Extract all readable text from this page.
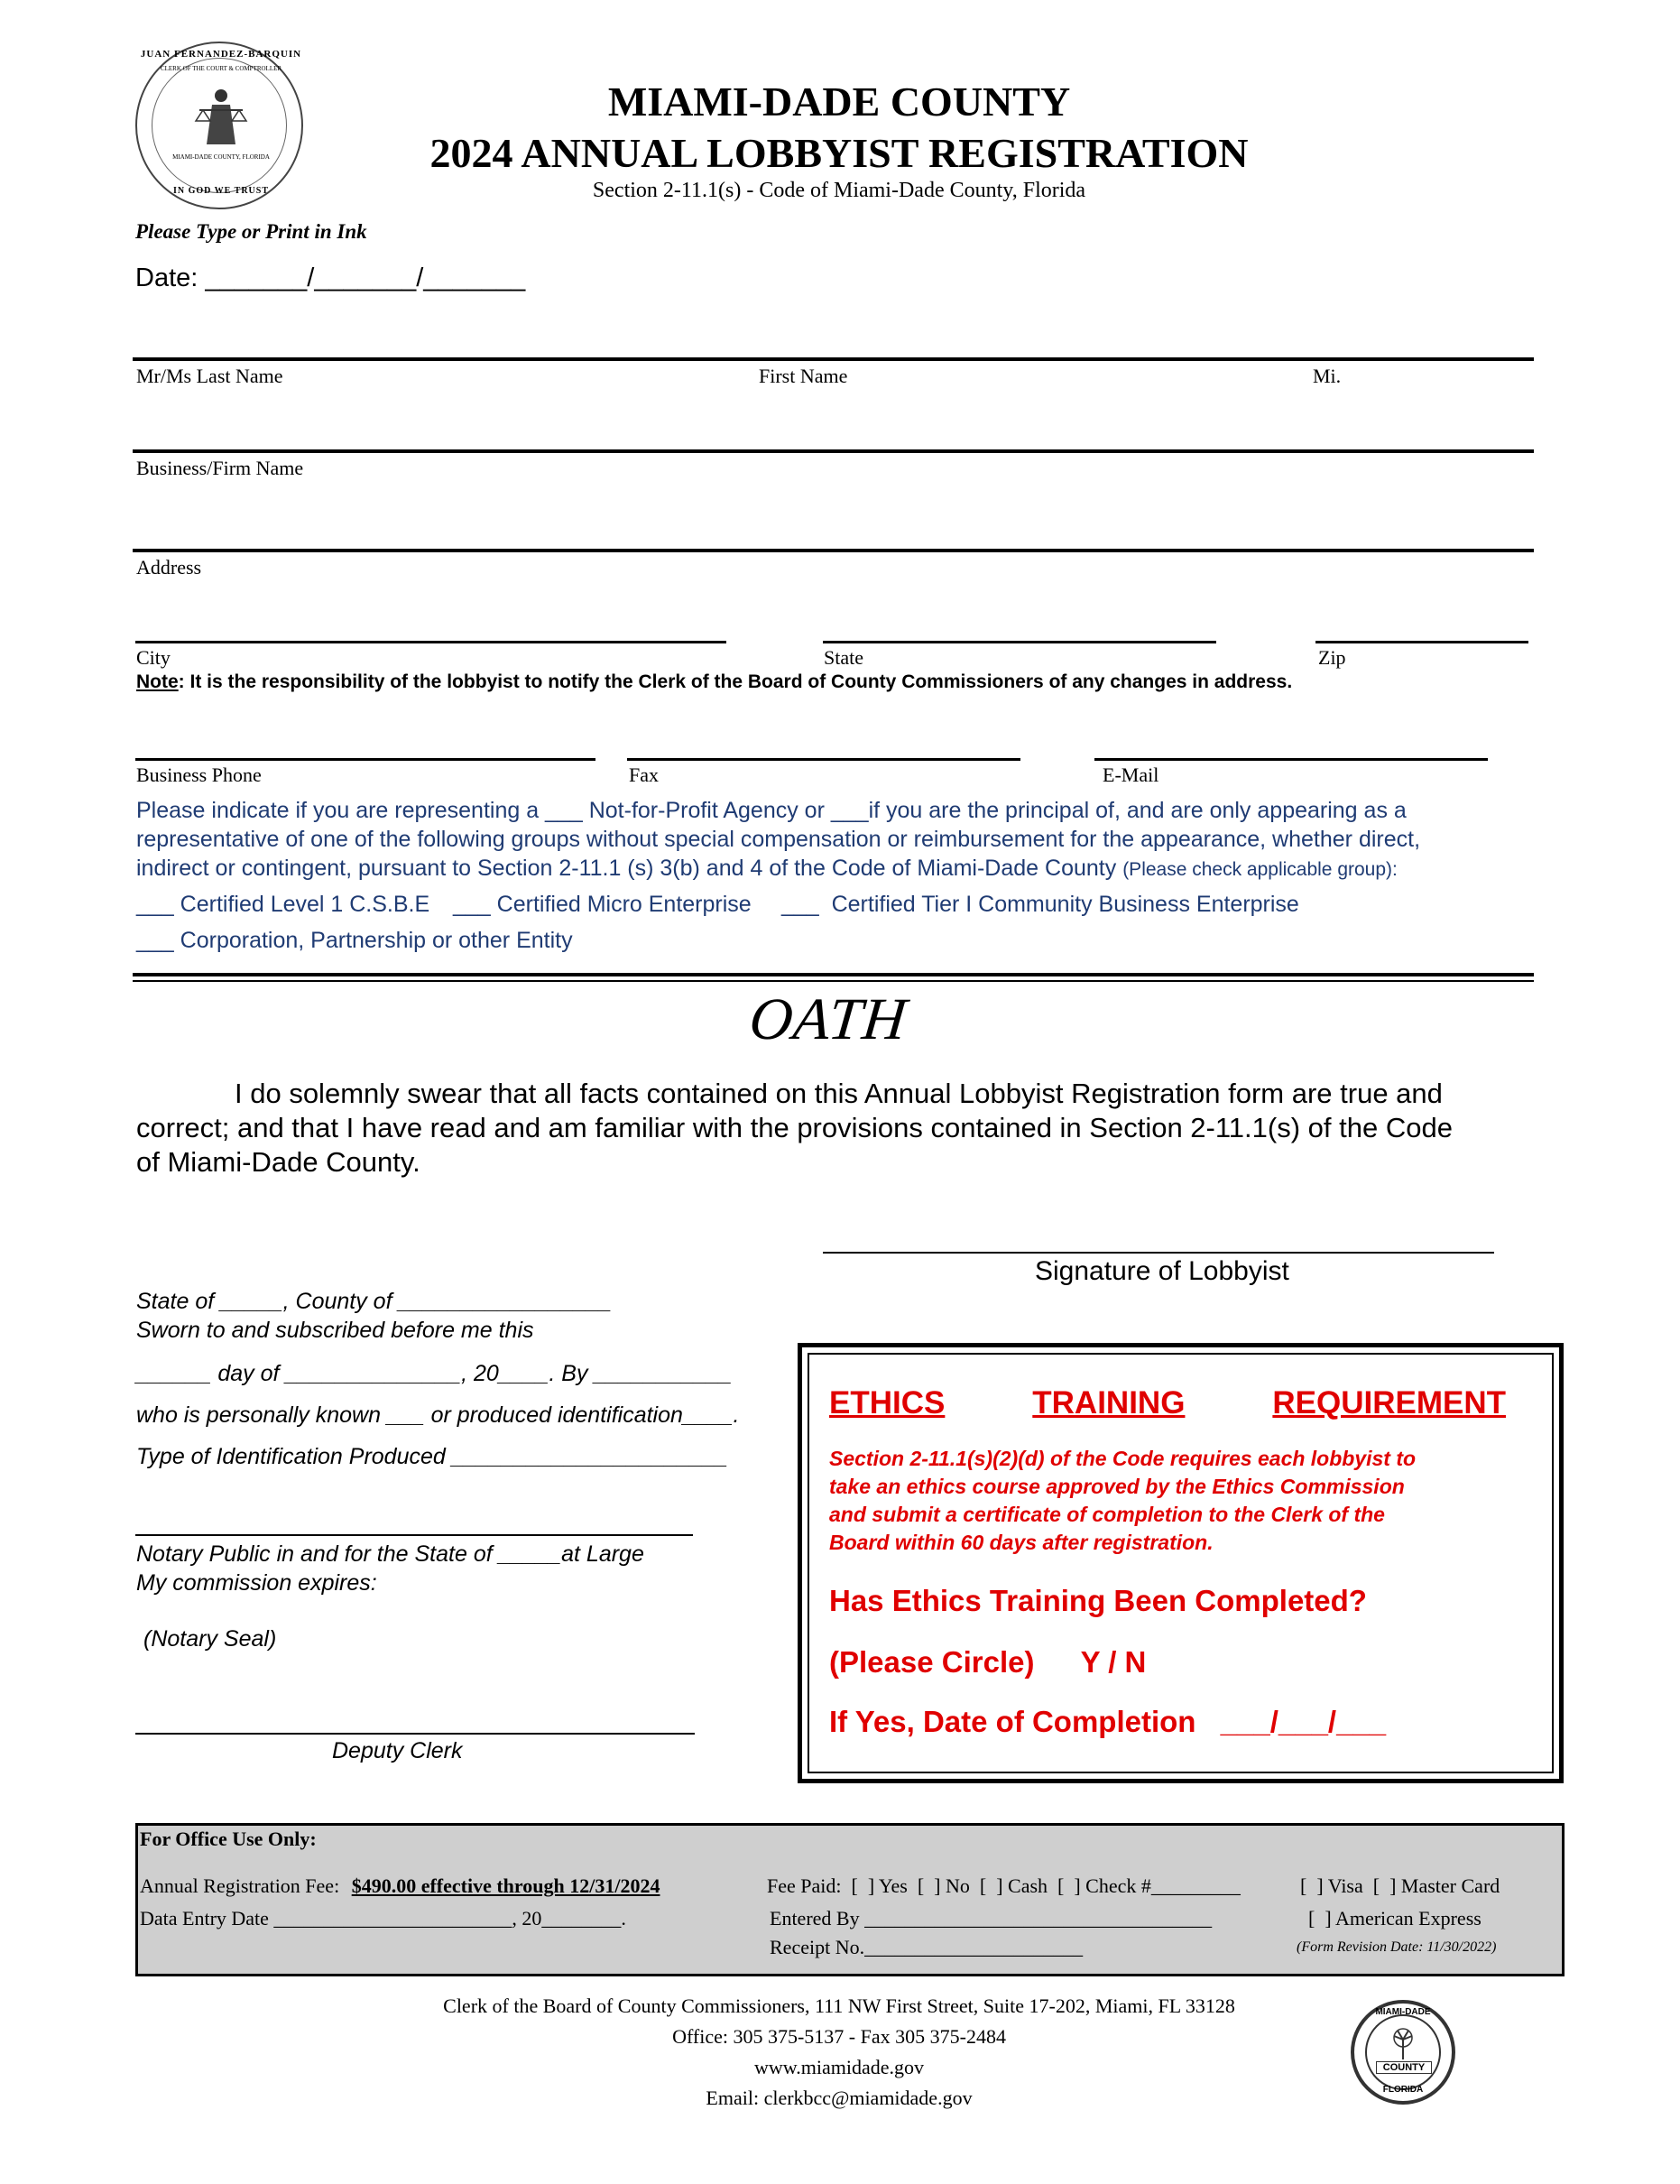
JUAN FERNANDEZ-BARQUIN
CLERK OF THE COURT & COMPTROLLER
MIAMI-DADE COUNTY, FLORIDA
IN GOD WE TRUST
MIAMI-DADE COUNTY
2024 ANNUAL LOBBYIST REGISTRATION
Section 2-11.1(s) - Code of Miami-Dade County, Florida
Please Type or Print in Ink
Date: _______/_______/_______
Mr/Ms Last Name	First Name	Mi.
Business/Firm Name
Address
City	State	Zip
Note: It is the responsibility of the lobbyist to notify the Clerk of the Board of County Commissioners of any changes in address.
Business Phone	Fax	E-Mail
Please indicate if you are representing a ___ Not-for-Profit Agency or ___if you are the principal of, and are only appearing as a
representative of one of the following groups without special compensation or reimbursement for the appearance, whether direct,
indirect or contingent, pursuant to Section 2-11.1 (s) 3(b) and 4 of the Code of Miami-Dade County (Please check applicable group):
___ Certified Level 1 C.S.B.E ___ Certified Micro Enterprise ___  Certified Tier I Community Business Enterprise
___ Corporation, Partnership or other Entity
OATH
I do solemnly swear that all facts contained on this Annual Lobbyist Registration form are true and
correct; and that I have read and am familiar with the provisions contained in Section 2-11.1(s) of the Code
of Miami-Dade County.
Signature of Lobbyist
State of _____, County of _________________
Sworn to and subscribed before me this
______ day of ______________, 20____. By ___________
who is personally known ___ or produced identification____.
Type of Identification Produced ______________________
Notary Public in and for the State of _____at Large
My commission expires:
(Notary Seal)
Deputy Clerk
ETHICS	TRAINING	REQUIREMENT
Section 2-11.1(s)(2)(d) of the Code requires each lobbyist to
take an ethics course approved by the Ethics Commission
and submit a certificate of completion to the Clerk of the
Board within 60 days after registration.
Has Ethics Training Been Completed?
(Please Circle) Y / N
If Yes, Date of Completion ___/___/___
For Office Use Only:
Annual Registration Fee: $490.00 effective through 12/31/2024
Data Entry Date ________________________, 20________.
Fee Paid:  [  ] Yes  [  ] No  [  ] Cash  [  ] Check #_________
Entered By ___________________________________
Receipt No.______________________
[  ] Visa  [  ] Master Card
[  ] American Express
(Form Revision Date: 11/30/2022)
Clerk of the Board of County Commissioners, 111 NW First Street, Suite 17-202, Miami, FL 33128
Office: 305 375-5137 - Fax 305 375-2484
www.miamidade.gov
Email: clerkbcc@miamidade.gov
MIAMI-DADE
COUNTY
FLORIDA
